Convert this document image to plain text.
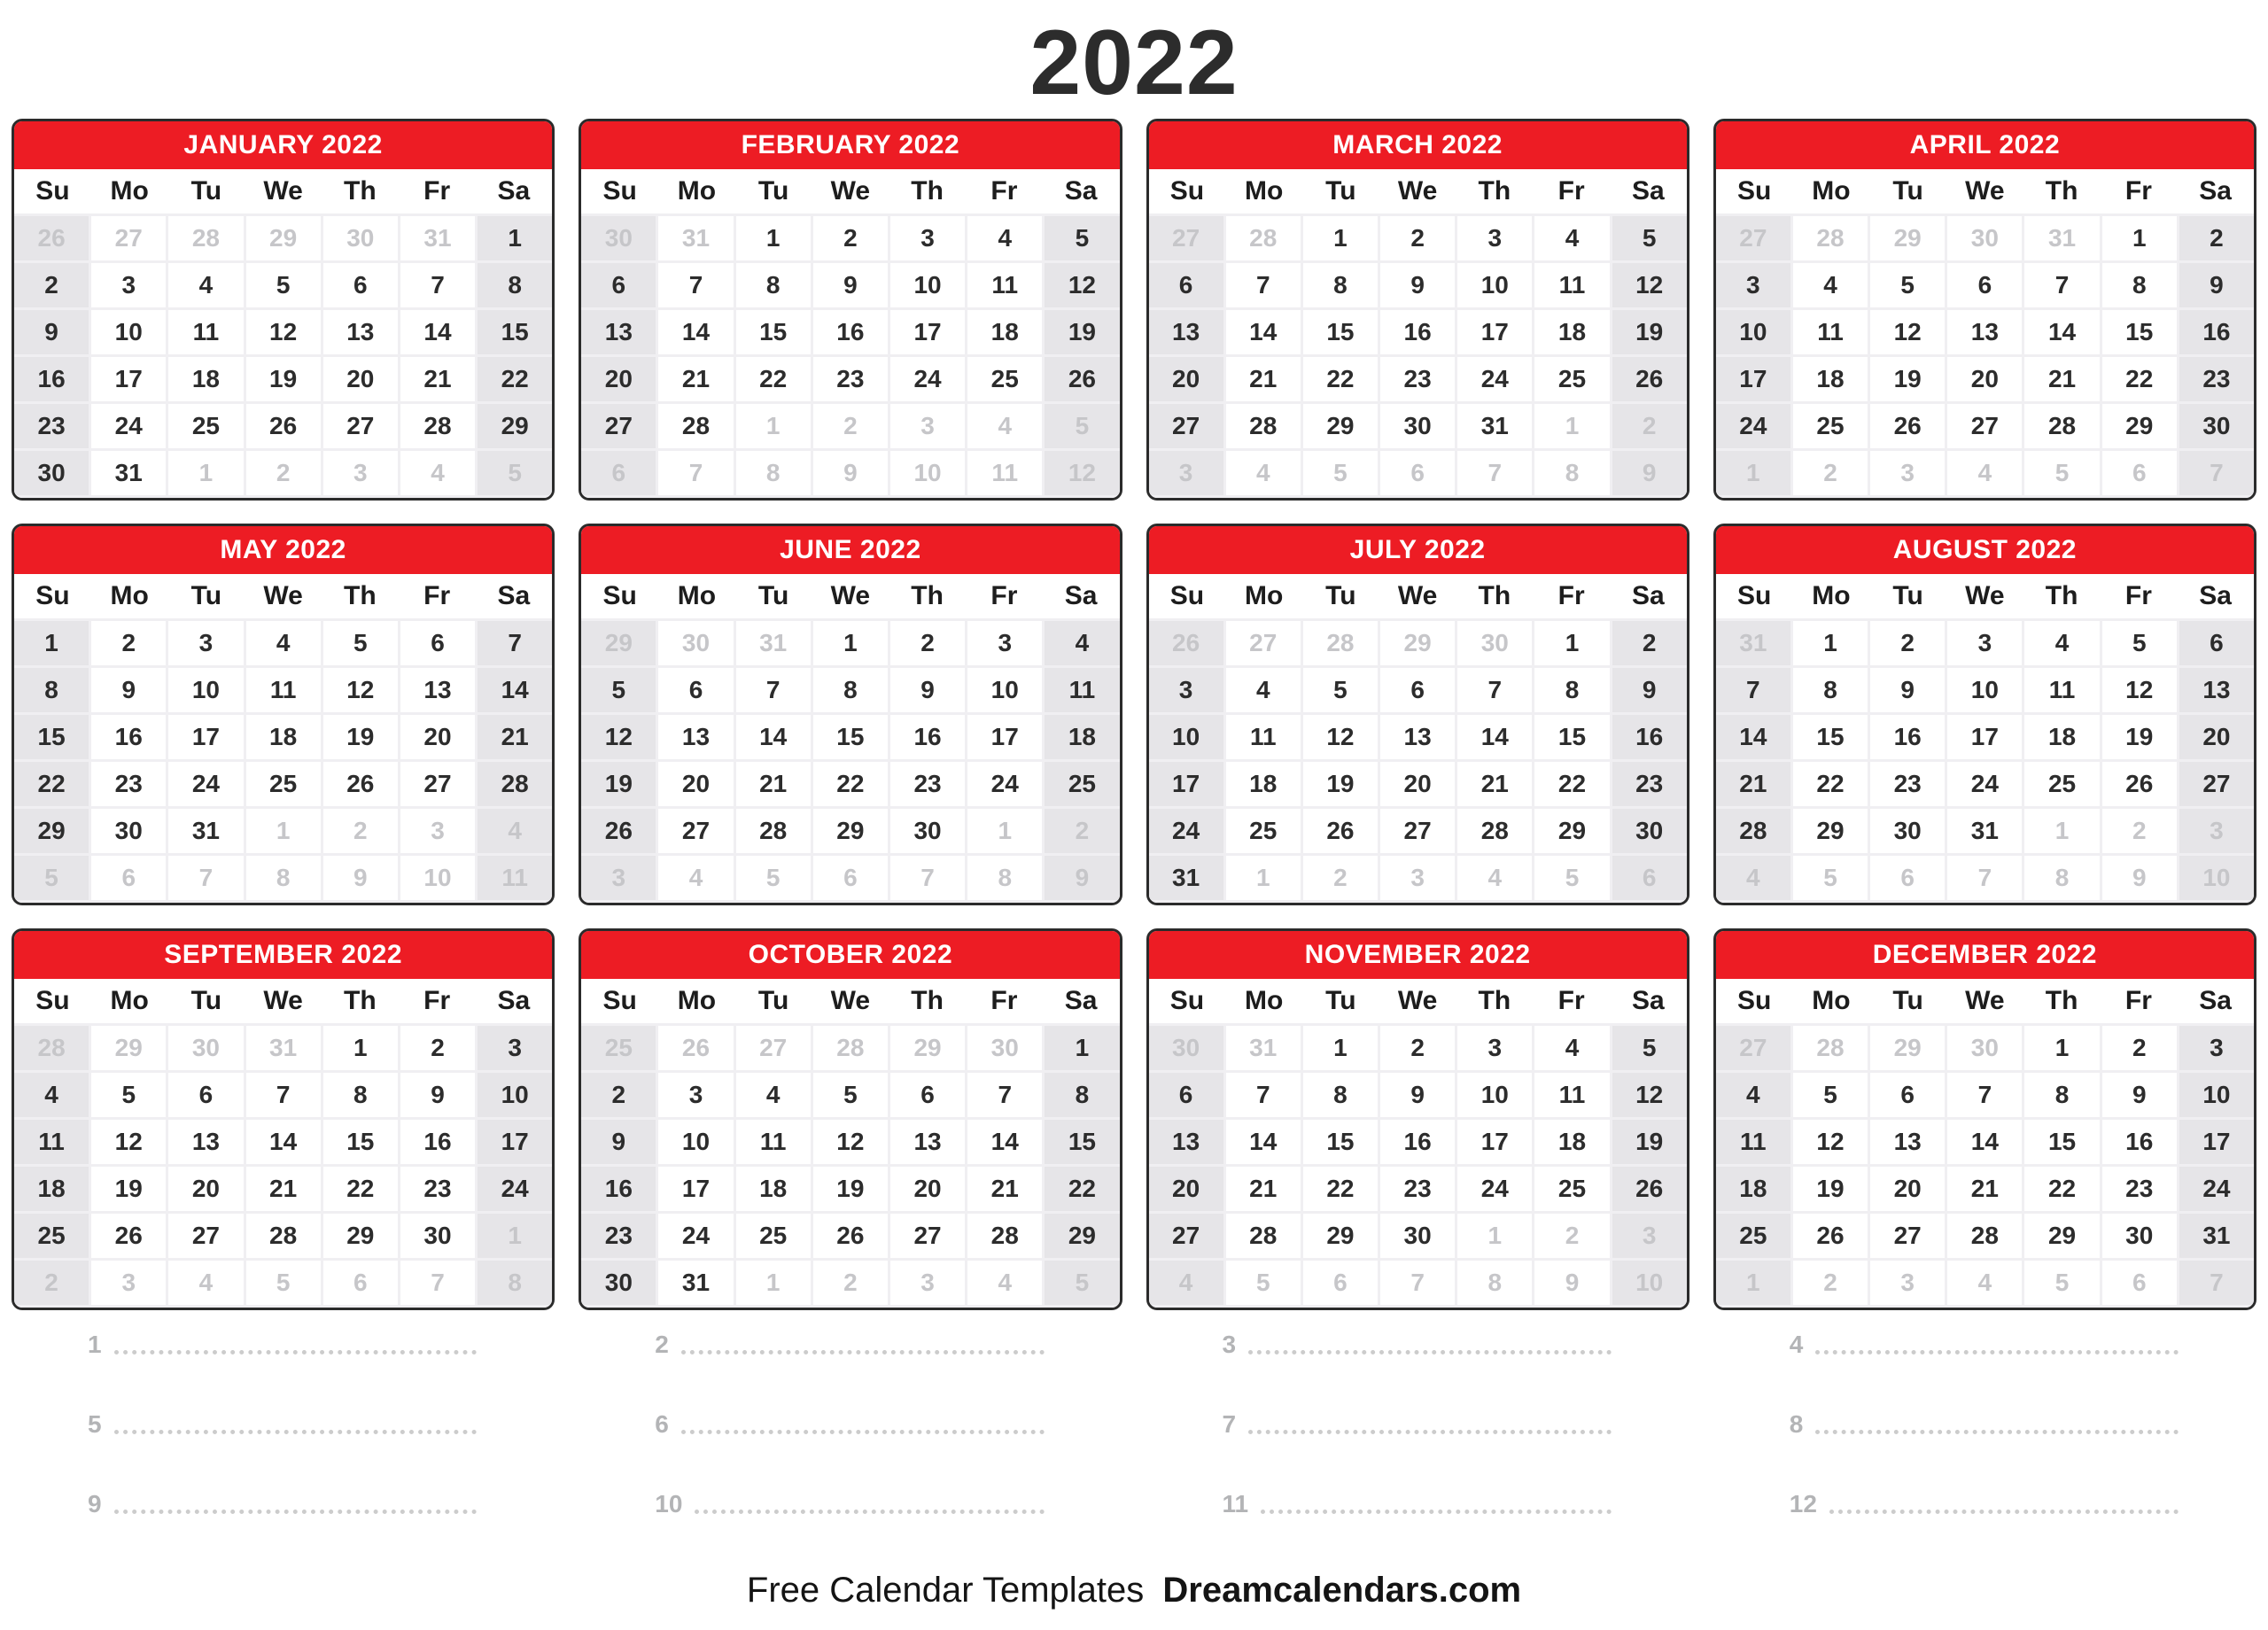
2022
JANUARY 2022
Su	Mo	Tu	We	Th	Fr	Sa
26	27	28	29	30	31	1
2	3	4	5	6	7	8
9	10	11	12	13	14	15
16	17	18	19	20	21	22
23	24	25	26	27	28	29
30	31	1	2	3	4	5
FEBRUARY 2022
Su	Mo	Tu	We	Th	Fr	Sa
30	31	1	2	3	4	5
6	7	8	9	10	11	12
13	14	15	16	17	18	19
20	21	22	23	24	25	26
27	28	1	2	3	4	5
6	7	8	9	10	11	12
MARCH 2022
Su	Mo	Tu	We	Th	Fr	Sa
27	28	1	2	3	4	5
6	7	8	9	10	11	12
13	14	15	16	17	18	19
20	21	22	23	24	25	26
27	28	29	30	31	1	2
3	4	5	6	7	8	9
APRIL 2022
Su	Mo	Tu	We	Th	Fr	Sa
27	28	29	30	31	1	2
3	4	5	6	7	8	9
10	11	12	13	14	15	16
17	18	19	20	21	22	23
24	25	26	27	28	29	30
1	2	3	4	5	6	7
MAY 2022
Su	Mo	Tu	We	Th	Fr	Sa
1	2	3	4	5	6	7
8	9	10	11	12	13	14
15	16	17	18	19	20	21
22	23	24	25	26	27	28
29	30	31	1	2	3	4
5	6	7	8	9	10	11
JUNE 2022
Su	Mo	Tu	We	Th	Fr	Sa
29	30	31	1	2	3	4
5	6	7	8	9	10	11
12	13	14	15	16	17	18
19	20	21	22	23	24	25
26	27	28	29	30	1	2
3	4	5	6	7	8	9
JULY 2022
Su	Mo	Tu	We	Th	Fr	Sa
26	27	28	29	30	1	2
3	4	5	6	7	8	9
10	11	12	13	14	15	16
17	18	19	20	21	22	23
24	25	26	27	28	29	30
31	1	2	3	4	5	6
AUGUST 2022
Su	Mo	Tu	We	Th	Fr	Sa
31	1	2	3	4	5	6
7	8	9	10	11	12	13
14	15	16	17	18	19	20
21	22	23	24	25	26	27
28	29	30	31	1	2	3
4	5	6	7	8	9	10
SEPTEMBER 2022
Su	Mo	Tu	We	Th	Fr	Sa
28	29	30	31	1	2	3
4	5	6	7	8	9	10
11	12	13	14	15	16	17
18	19	20	21	22	23	24
25	26	27	28	29	30	1
2	3	4	5	6	7	8
OCTOBER 2022
Su	Mo	Tu	We	Th	Fr	Sa
25	26	27	28	29	30	1
2	3	4	5	6	7	8
9	10	11	12	13	14	15
16	17	18	19	20	21	22
23	24	25	26	27	28	29
30	31	1	2	3	4	5
NOVEMBER 2022
Su	Mo	Tu	We	Th	Fr	Sa
30	31	1	2	3	4	5
6	7	8	9	10	11	12
13	14	15	16	17	18	19
20	21	22	23	24	25	26
27	28	29	30	1	2	3
4	5	6	7	8	9	10
DECEMBER 2022
Su	Mo	Tu	We	Th	Fr	Sa
27	28	29	30	1	2	3
4	5	6	7	8	9	10
11	12	13	14	15	16	17
18	19	20	21	22	23	24
25	26	27	28	29	30	31
1	2	3	4	5	6	7
1	2	3	4
5	6	7	8
9	10	11	12
Free Calendar Templates Dreamcalendars.com
